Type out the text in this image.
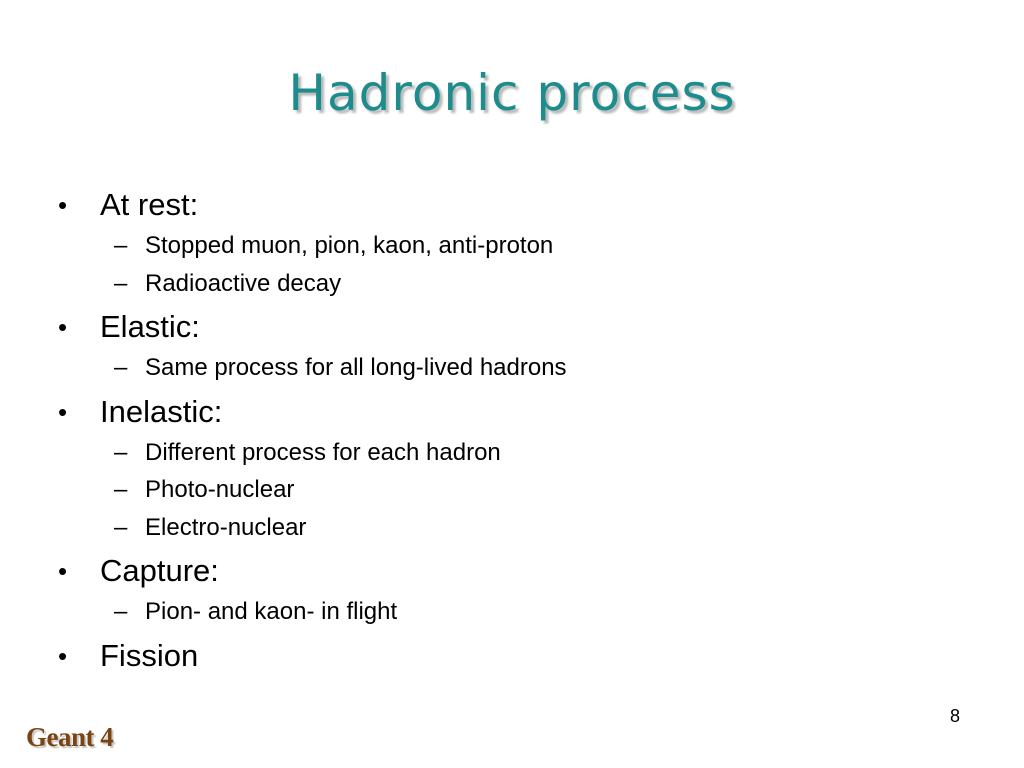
Hadronic process
•	At rest:
– Stopped muon, pion, kaon, anti-proton
– Radioactive decay
•	Elastic:
– Same process for all long-lived hadrons
•	Inelastic:
– Different process for each hadron
– Photo-nuclear
– Electro-nuclear
•	Capture:
– Pion- and kaon- in flight
•	Fission
8
Geant 4
